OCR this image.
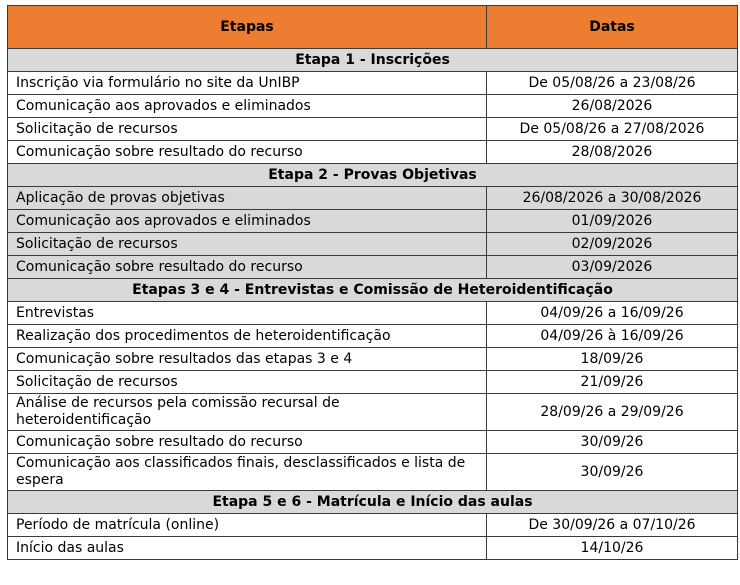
Etapas	Datas
Etapa 1 - Inscrições	
Inscrição via formulário no site da UnIBP	De 05/08/26 a 23/08/26
Comunicação aos aprovados e eliminados	26/08/2026
Solicitação de recursos	De 05/08/26 a 27/08/2026
Comunicação sobre resultado do recurso	28/08/2026
Etapa 2 - Provas Objetivas	
Aplicação de provas objetivas	26/08/2026 a 30/08/2026
Comunicação aos aprovados e eliminados	01/09/2026
Solicitação de recursos	02/09/2026
Comunicação sobre resultado do recurso	03/09/2026
Etapas 3 e 4 - Entrevistas e Comissão de Heteroidentificação	
Entrevistas	04/09/26 a 16/09/26
Realização dos procedimentos de heteroidentificação	04/09/26 à 16/09/26
Comunicação sobre resultados das etapas 3 e 4	18/09/26
Solicitação de recursos	21/09/26
Análise de recursos pela comissão recursal de heteroidentificação	28/09/26 a 29/09/26
Comunicação sobre resultado do recurso	30/09/26
Comunicação aos classificados finais, desclassificados e lista de espera	30/09/26
Etapa 5 e 6 - Matrícula e Início das aulas	
Período de matrícula (online)	De 30/09/26 a 07/10/26
Início das aulas	14/10/26
